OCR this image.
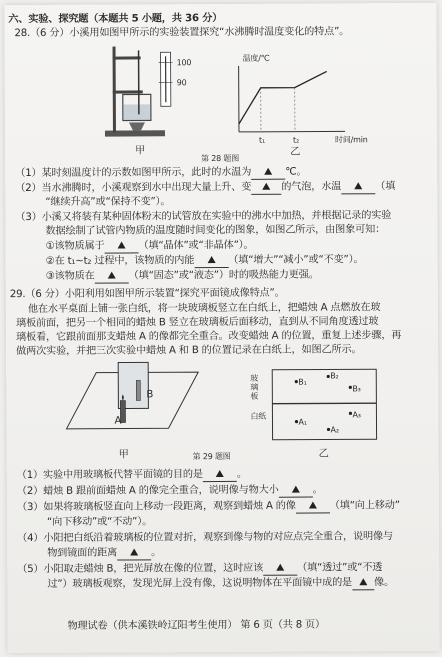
六、实验、探究题（本题共 5 小题，共 36 分）
28.（6 分）小溪用如图甲所示的实验装置探究“水沸腾时温度变化的特点”。
100
90
甲
温度/℃
t₁	t₂	时间/min
乙
第 28 题图
（1）某时刻温度计的示数如图甲所示，此时的水温为	℃。
（2）当水沸腾时，小溪观察到水中出现大量上升、变	的气泡，水温	（填
“继续升高”或“保持不变”）。
（3）小溪又将装有某种固体粉末的试管放在实验中的沸水中加热，并根据记录的实验
数据绘制了试管内物质的温度随时间变化的图象，如图乙所示，由图象可知：
①该物质属于	（填“晶体”或“非晶体”）。
②在 t₁~t₂ 过程中，该物质的内能	（填“增大”“减小”或“不变”）。
③该物质在	（填“固态”或“液态”）时的吸热能力更强。
29.（6 分）小阳利用如图甲所示装置“探究平面镜成像特点”。
他在水平桌面上铺一张白纸，将一块玻璃板竖立在白纸上，把蜡烛 A 点燃放在玻
璃板前面，把另一个相同的蜡烛 B 竖立在玻璃板后面移动，直到从不同角度透过玻
璃板看，它跟前面那支蜡烛 A 的像都完全重合。改变蜡烛 A 的位置，重复上述步骤，再
做两次实验，并把三次实验中蜡烛 A 和 B 的位置记录在白纸上，如图乙所示。
B
A
甲	第 29 题图
玻璃板
白纸
B₁
B₂
B₃
A₁
A₂
A₃
乙
（1）实验中用玻璃板代替平面镜的目的是	。
（2）蜡烛 B 跟前面蜡烛 A 的像完全重合，说明像与物大小	。
（3）如果将玻璃板竖直向上移动一段距离，观察到蜡烛 A 的像	（填“向上移动”
“向下移动”或“不动”）。
（4）小阳把白纸沿着玻璃板的位置对折，观察到像与物的对应点完全重合，说明像与
物到镜面的距离	。
（5）小阳取走蜡烛 B，把光屏放在像的位置，这时应该	（填“透过”或“不透
过”）玻璃板观察，发现光屏上没有像，这说明物体在平面镜中成的是 像。
物理试卷（供本溪铁岭辽阳考生使用） 第 6 页（共 8 页）
